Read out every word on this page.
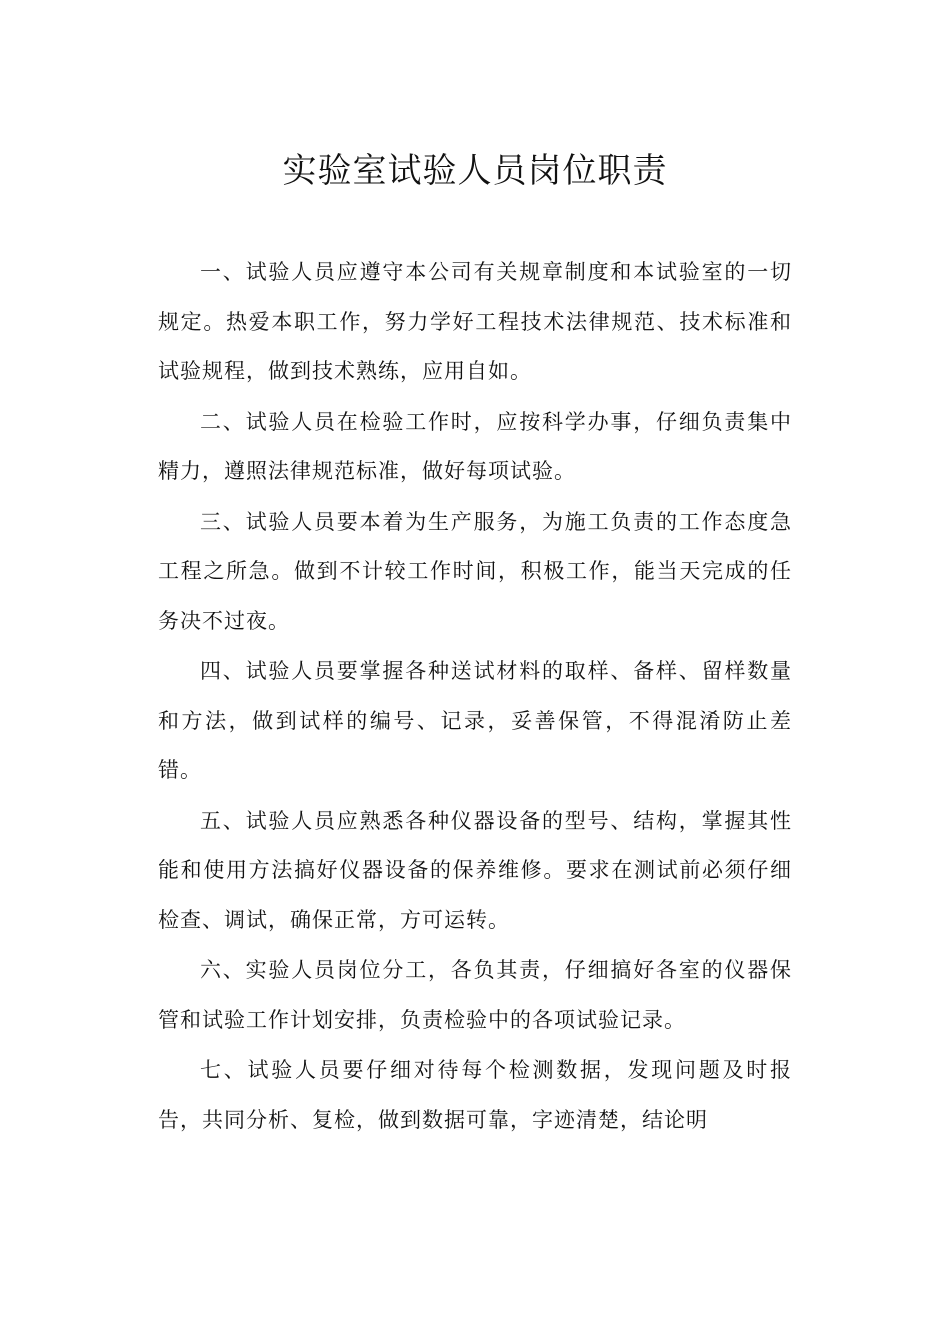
实验室试验人员岗位职责

一、试验人员应遵守本公司有关规章制度和本试验室的一切规定。热爱本职工作，努力学好工程技术法律规范、技术标准和试验规程，做到技术熟练，应用自如。

二、试验人员在检验工作时，应按科学办事，仔细负责集中精力，遵照法律规范标准，做好每项试验。

三、试验人员要本着为生产服务，为施工负责的工作态度急工程之所急。做到不计较工作时间，积极工作，能当天完成的任务决不过夜。

四、试验人员要掌握各种送试材料的取样、备样、留样数量和方法，做到试样的编号、记录，妥善保管，不得混淆防止差错。

五、试验人员应熟悉各种仪器设备的型号、结构，掌握其性能和使用方法搞好仪器设备的保养维修。要求在测试前必须仔细检查、调试，确保正常，方可运转。

六、实验人员岗位分工，各负其责，仔细搞好各室的仪器保管和试验工作计划安排，负责检验中的各项试验记录。

七、试验人员要仔细对待每个检测数据，发现问题及时报告，共同分析、复检，做到数据可靠，字迹清楚，结论明
